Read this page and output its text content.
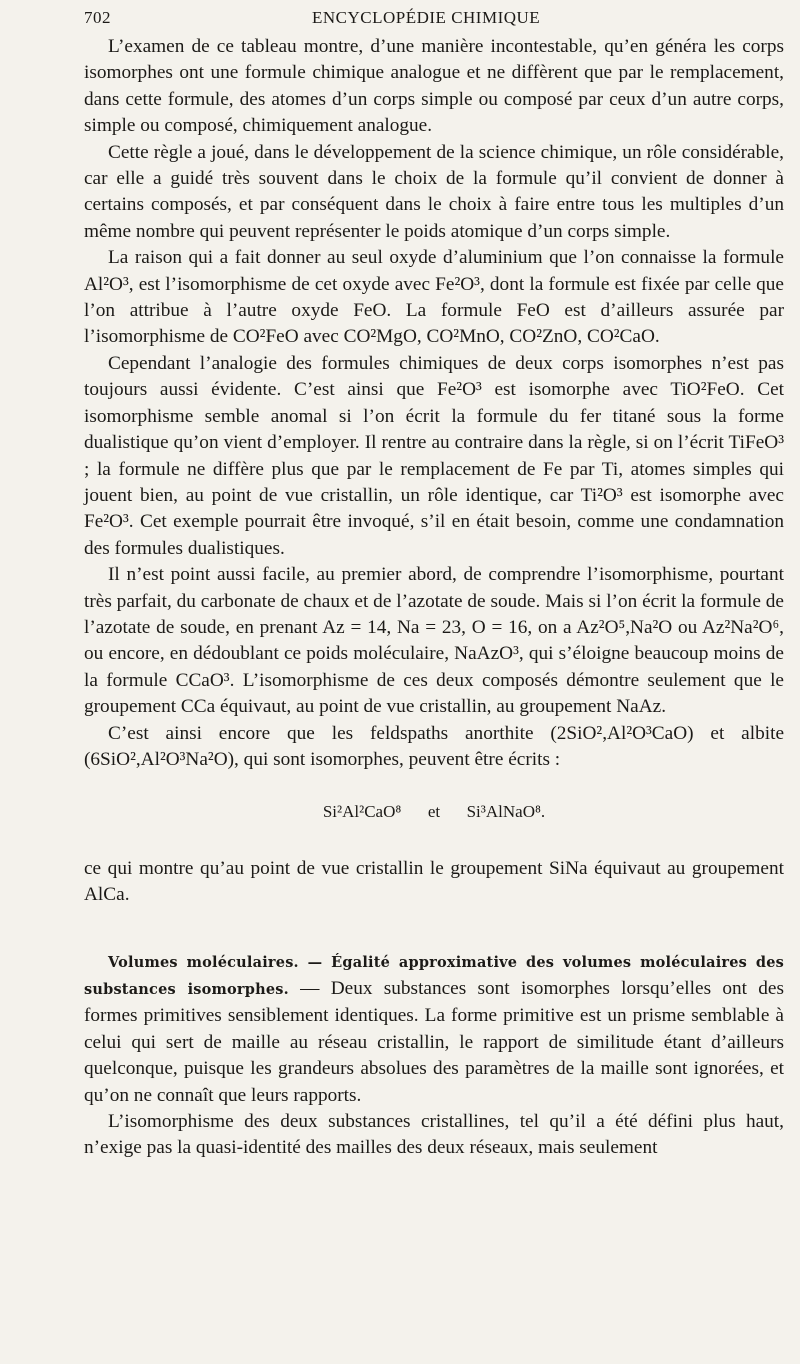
702	ENCYCLOPÉDIE CHIMIQUE

L’examen de ce tableau montre, d’une manière incontestable, qu’en généra les corps isomorphes ont une formule chimique analogue et ne diffèrent que par le remplacement, dans cette formule, des atomes d’un corps simple ou composé par ceux d’un autre corps, simple ou composé, chimiquement analogue.

Cette règle a joué, dans le développement de la science chimique, un rôle considérable, car elle a guidé très souvent dans le choix de la formule qu’il convient de donner à certains composés, et par conséquent dans le choix à faire entre tous les multiples d’un même nombre qui peuvent représenter le poids atomique d’un corps simple.

La raison qui a fait donner au seul oxyde d’aluminium que l’on connaisse la formule Al²O³, est l’isomorphisme de cet oxyde avec Fe²O³, dont la formule est fixée par celle que l’on attribue à l’autre oxyde FeO. La formule FeO est d’ailleurs assurée par l’isomorphisme de CO²FeO avec CO²MgO, CO²MnO, CO²ZnO, CO²CaO.

Cependant l’analogie des formules chimiques de deux corps isomorphes n’est pas toujours aussi évidente. C’est ainsi que Fe²O³ est isomorphe avec TiO²FeO. Cet isomorphisme semble anomal si l’on écrit la formule du fer titané sous la forme dualistique qu’on vient d’employer. Il rentre au contraire dans la règle, si on l’écrit TiFeO³ ; la formule ne diffère plus que par le remplacement de Fe par Ti, atomes simples qui jouent bien, au point de vue cristallin, un rôle identique, car Ti²O³ est isomorphe avec Fe²O³. Cet exemple pourrait être invoqué, s’il en était besoin, comme une condamnation des formules dualistiques.

Il n’est point aussi facile, au premier abord, de comprendre l’isomorphisme, pourtant très parfait, du carbonate de chaux et de l’azotate de soude. Mais si l’on écrit la formule de l’azotate de soude, en prenant Az = 14, Na = 23, O = 16, on a Az²O⁵,Na²O ou Az²Na²O⁶, ou encore, en dédoublant ce poids moléculaire, NaAzO³, qui s’éloigne beaucoup moins de la formule CCaO³. L’isomorphisme de ces deux composés démontre seulement que le groupement CCa équivaut, au point de vue cristallin, au groupement NaAz.

C’est ainsi encore que les feldspaths anorthite (2SiO²,Al²O³CaO) et albite (6SiO²,Al²O³Na²O), qui sont isomorphes, peuvent être écrits :

Si²Al²CaO⁸ et Si³AlNaO⁸.

ce qui montre qu’au point de vue cristallin le groupement SiNa équivaut au groupement AlCa.

Volumes moléculaires. — Égalité approximative des volumes moléculaires des substances isomorphes. — Deux substances sont isomorphes lorsqu’elles ont des formes primitives sensiblement identiques. La forme primitive est un prisme semblable à celui qui sert de maille au réseau cristallin, le rapport de similitude étant d’ailleurs quelconque, puisque les grandeurs absolues des paramètres de la maille sont ignorées, et qu’on ne connaît que leurs rapports.

L’isomorphisme des deux substances cristallines, tel qu’il a été défini plus haut, n’exige pas la quasi-identité des mailles des deux réseaux, mais seulement
